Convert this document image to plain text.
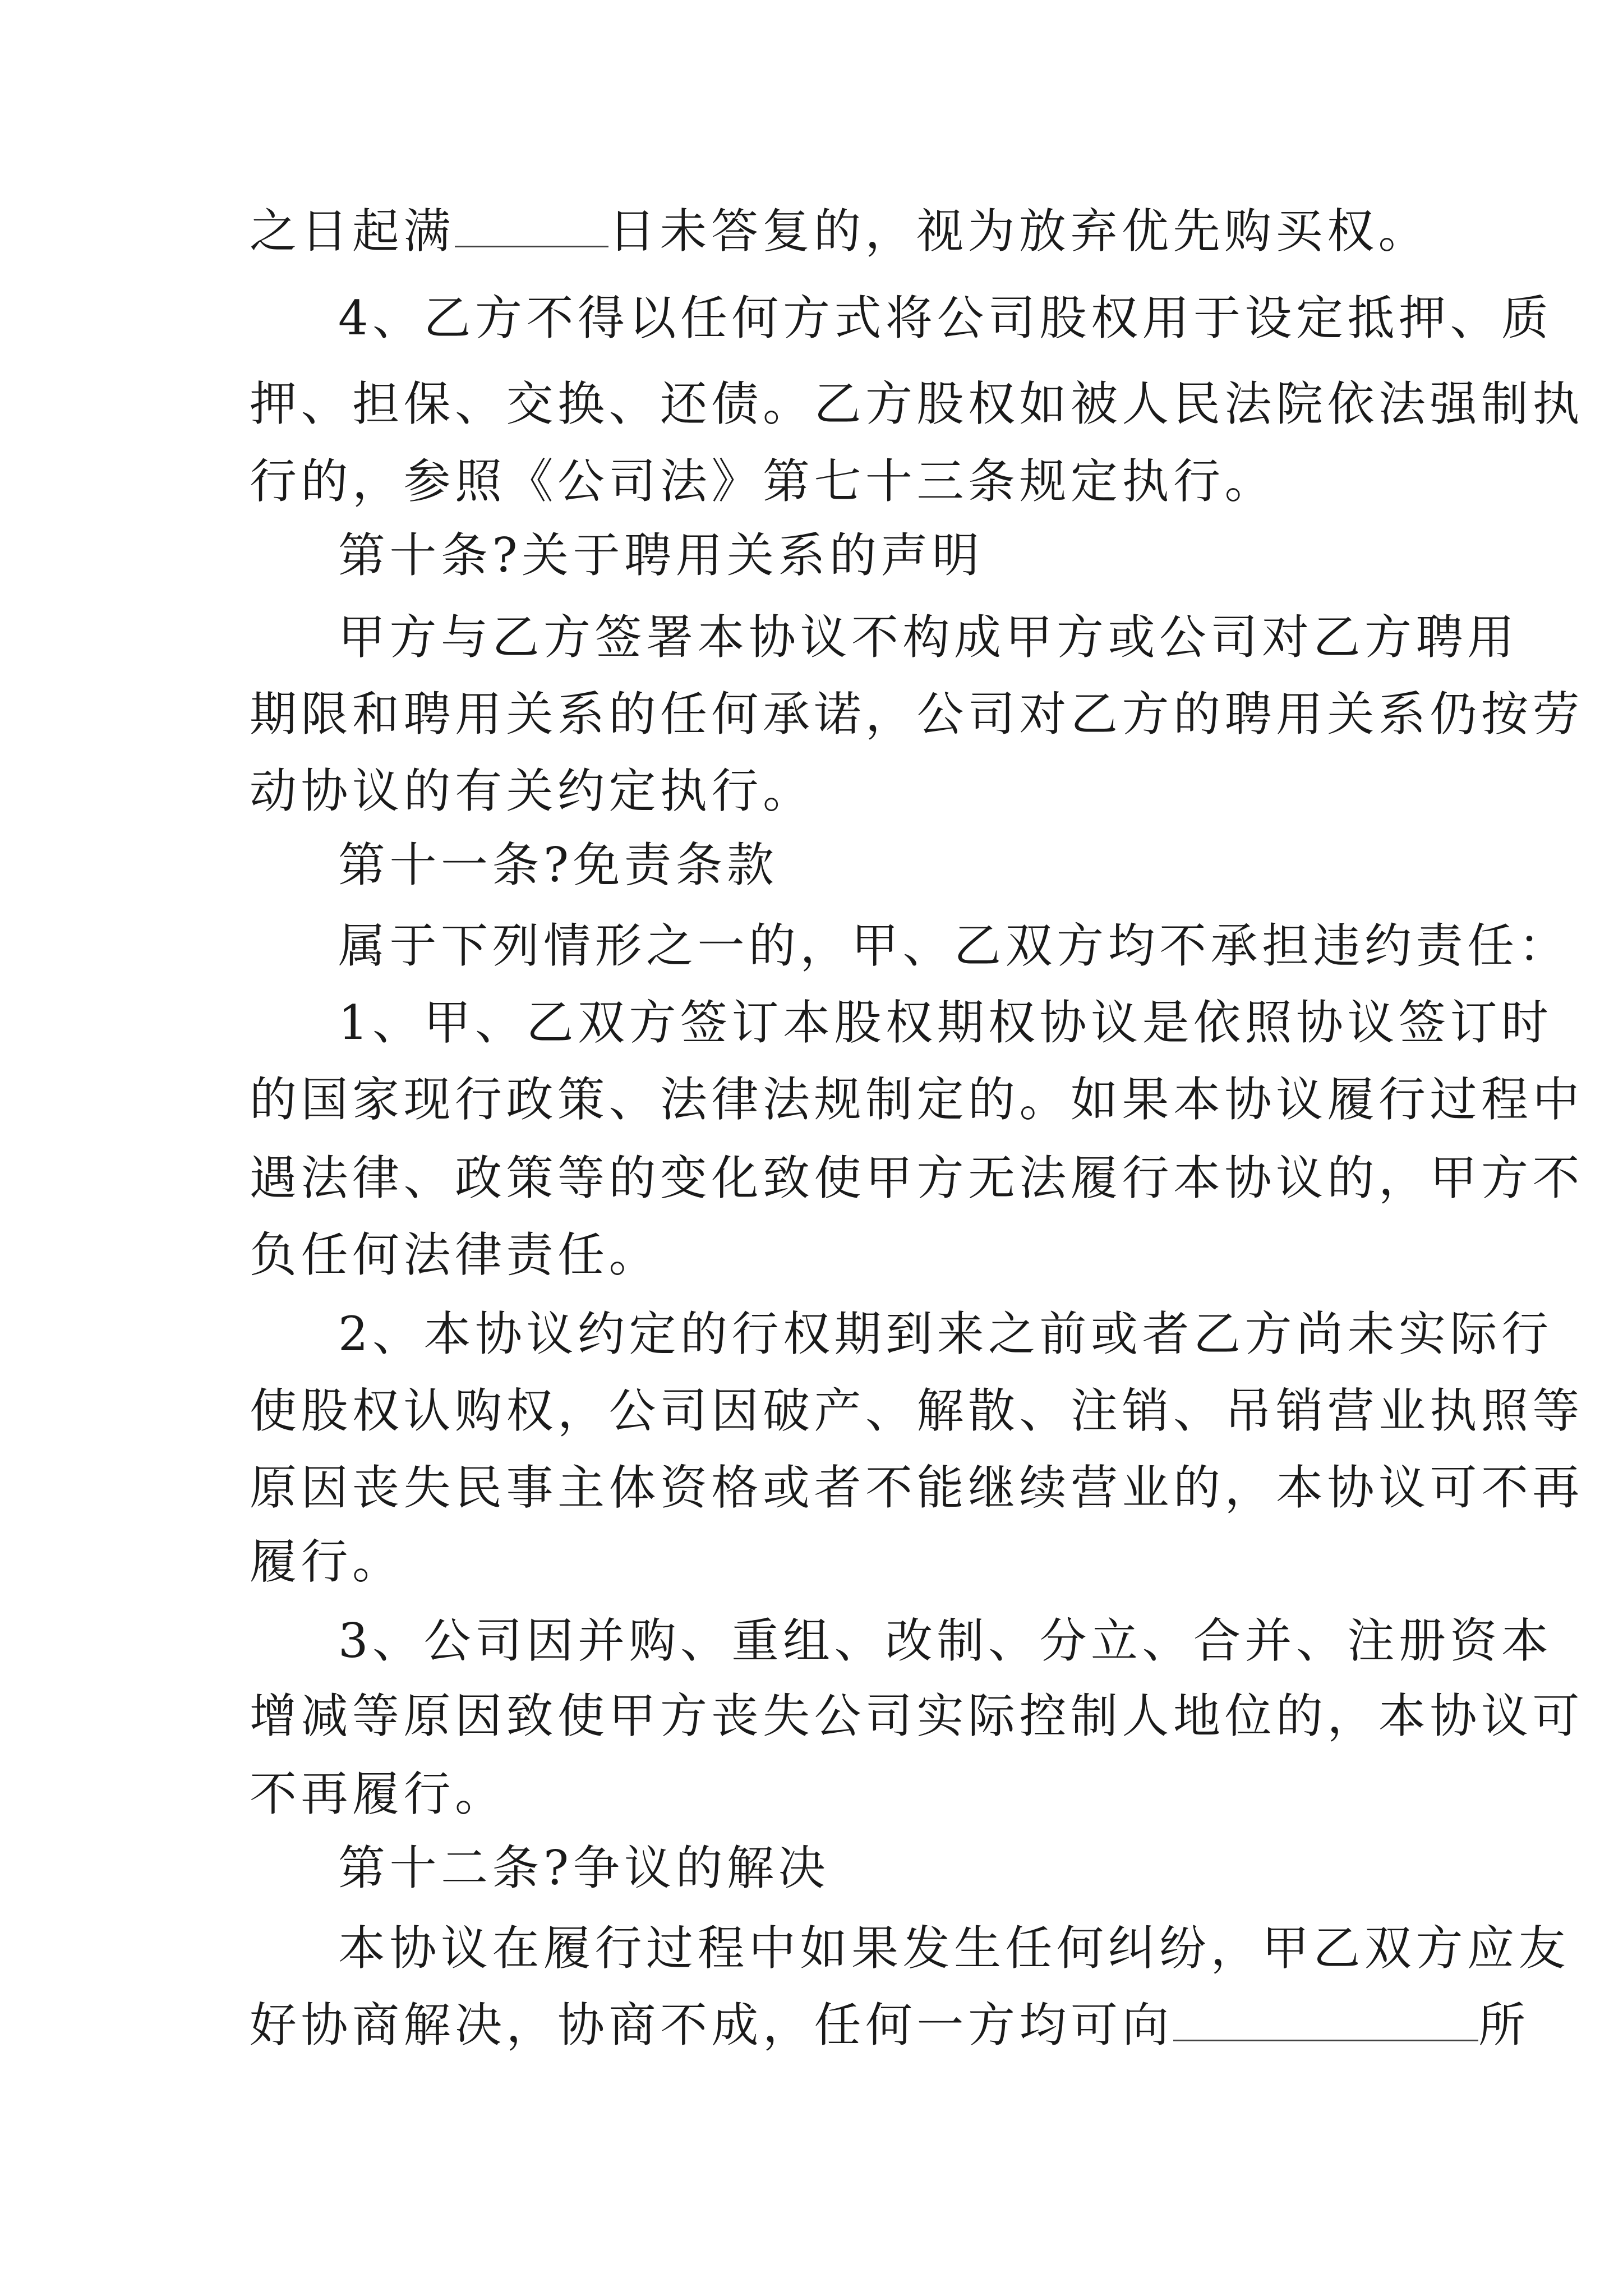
之日起满	日未答复的，视为放弃优先购买权。
4、乙方不得以任何方式将公司股权用于设定抵押、质
押、担保、交换、还债。乙方股权如被人民法院依法强制执
行的，参照《公司法》第七十三条规定执行。
第十条?关于聘用关系的声明
甲方与乙方签署本协议不构成甲方或公司对乙方聘用
期限和聘用关系的任何承诺，公司对乙方的聘用关系仍按劳
动协议的有关约定执行。
第十一条?免责条款
属于下列情形之一的，甲、乙双方均不承担违约责任：
1、甲、乙双方签订本股权期权协议是依照协议签订时
的国家现行政策、法律法规制定的。如果本协议履行过程中
遇法律、政策等的变化致使甲方无法履行本协议的，甲方不
负任何法律责任。
2、本协议约定的行权期到来之前或者乙方尚未实际行
使股权认购权，公司因破产、解散、注销、吊销营业执照等
原因丧失民事主体资格或者不能继续营业的，本协议可不再
履行。
3、公司因并购、重组、改制、分立、合并、注册资本
增减等原因致使甲方丧失公司实际控制人地位的，本协议可
不再履行。
第十二条?争议的解决
本协议在履行过程中如果发生任何纠纷，甲乙双方应友
好协商解决，协商不成，任何一方均可向	所
